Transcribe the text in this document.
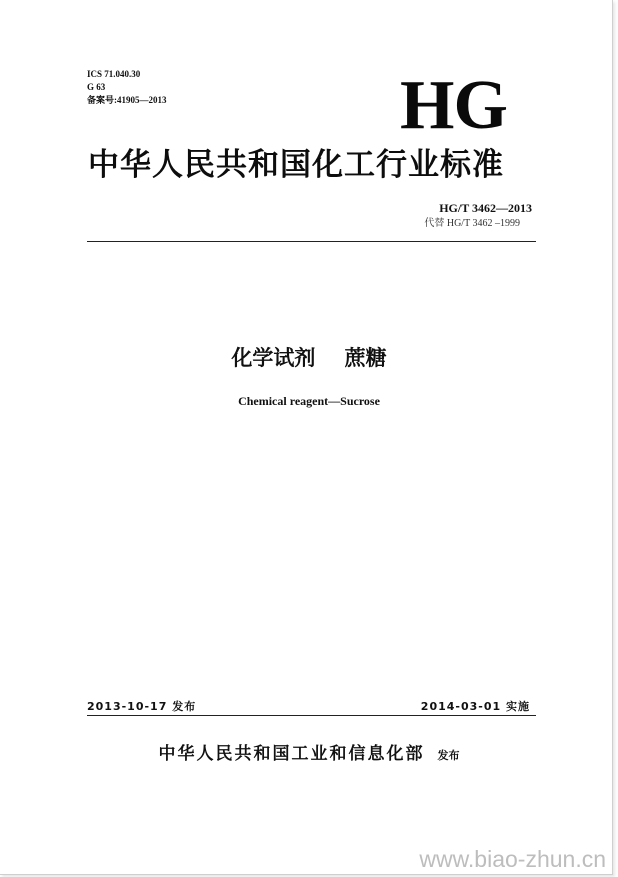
ICS 71.040.30
G 63
备案号:41905—2013	HG
中华人民共和国化工行业标准
HG/T 3462—2013
代替 HG/T 3462 –1999
化学试剂    蔗糖
Chemical reagent—Sucrose
2013-10-17 发布	2014-03-01 实施
中华人民共和国工业和信息化部 发布
www.biao-zhun.cn
